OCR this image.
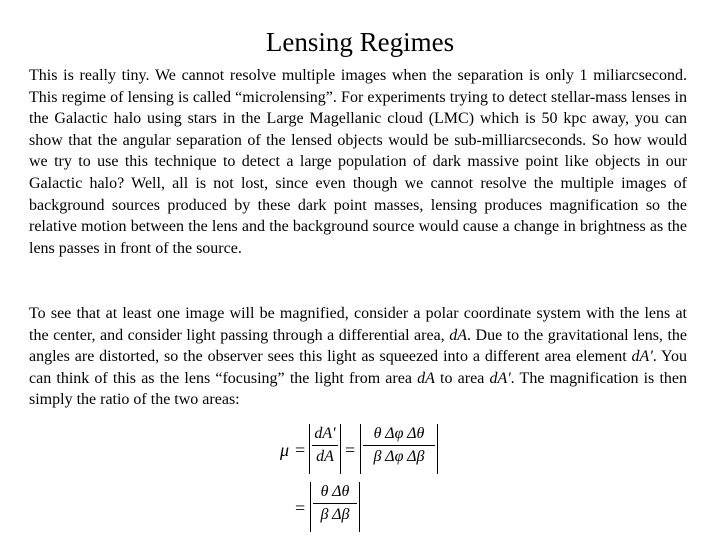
Lensing Regimes

This is really tiny. We cannot resolve multiple images when the separation is only 1 miliarcsecond. This regime of lensing is called “microlensing”. For experiments trying to detect stellar-mass lenses in the Galactic halo using stars in the Large Magellanic cloud (LMC) which is 50 kpc away, you can show that the angular separation of the lensed objects would be sub-milliarcseconds. So how would we try to use this technique to detect a large population of dark massive point like objects in our Galactic halo? Well, all is not lost, since even though we cannot resolve the multiple images of background sources produced by these dark point masses, lensing produces magnification so the relative motion between the lens and the background source would cause a change in brightness as the lens passes in front of the source.

To see that at least one image will be magnified, consider a polar coordinate system with the lens at the center, and consider light passing through a differential area, dA. Due to the gravitational lens, the angles are distorted, so the observer sees this light as squeezed into a different area element dA'. You can think of this as the lens “focusing” the light from area dA to area dA'. The magnification is then simply the ratio of the two areas:

μ =
dA'
dA =
θ Δφ Δθ
β Δφ Δβ
=
θ Δθ
β Δβ
